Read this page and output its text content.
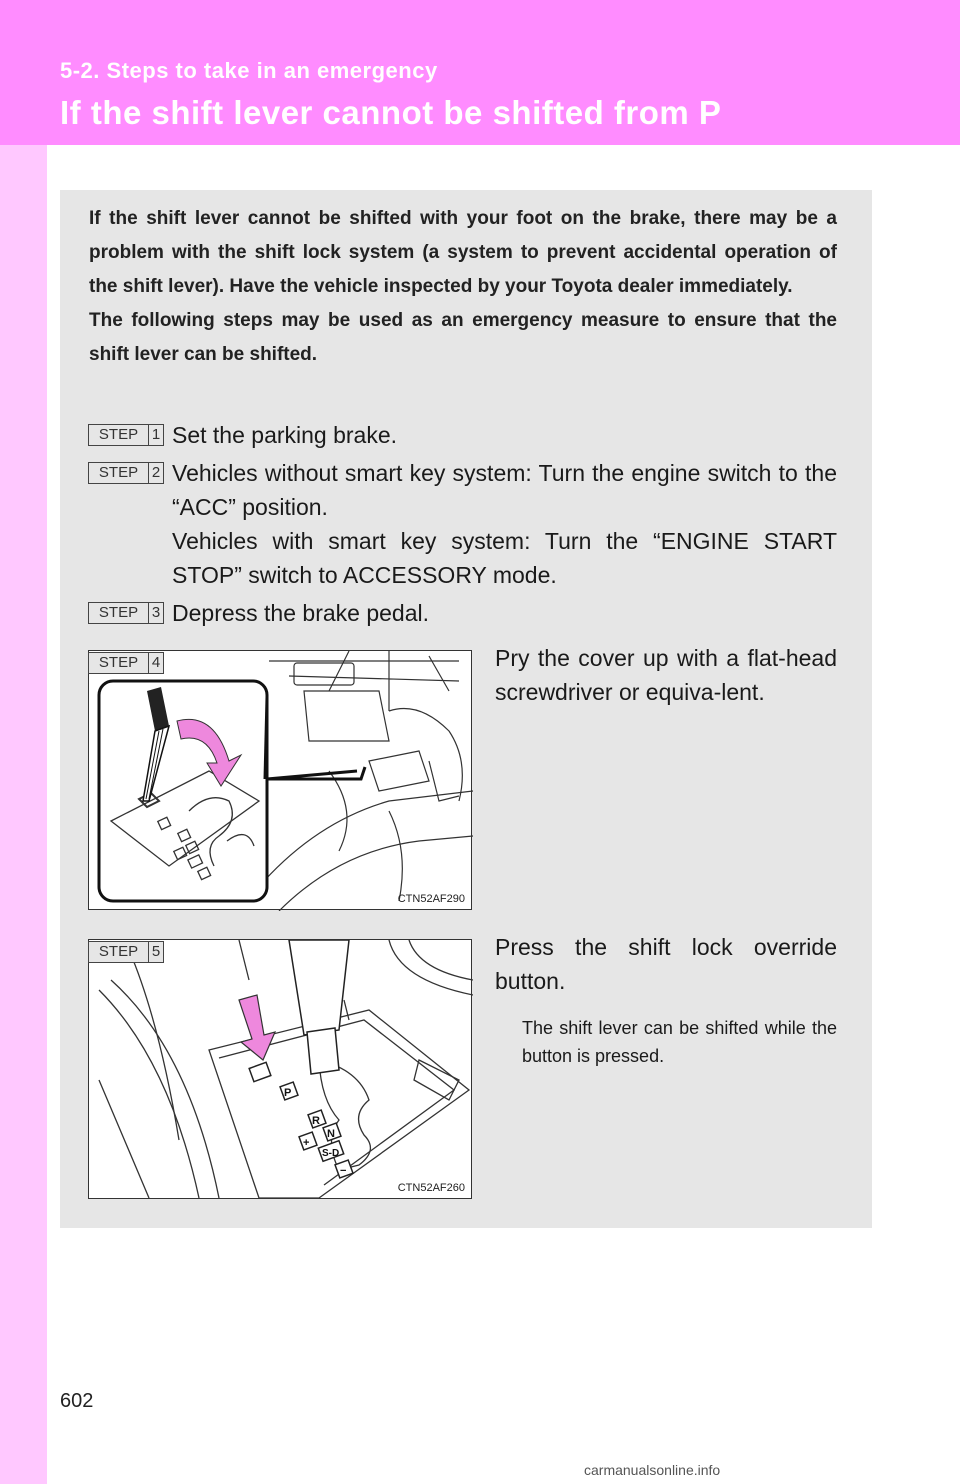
5-2. Steps to take in an emergency
If the shift lever cannot be shifted from P

If the shift lever cannot be shifted with your foot on the brake, there may be a problem with the shift lock system (a system to prevent accidental operation of the shift lever). Have the vehicle inspected by your Toyota dealer immediately.

The following steps may be used as an emergency measure to ensure that the shift lever can be shifted.

STEP 1 Set the parking brake.
STEP 2 Vehicles without smart key system: Turn the engine switch to the “ACC” position.

Vehicles with smart key system: Turn the “ENGINE START STOP” switch to ACCESSORY mode.

STEP 3 Depress the brake pedal.
CTN52AF290
STEP 4	Pry the cover up with a flat-head screwdriver or equiva-lent.
P
R
N
+
S-D
−
CTN52AF260
STEP 5	Press the shift lock override button.
The shift lever can be shifted while the button is pressed.
602
carmanualsonline.info
